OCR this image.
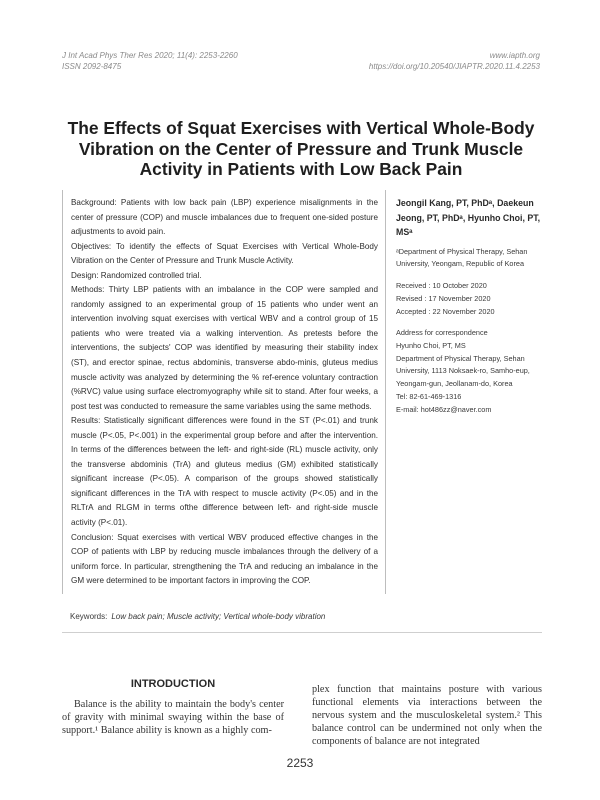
J Int Acad Phys Ther Res 2020; 11(4): 2253-2260
ISSN 2092-8475
www.iapth.org
https://doi.org/10.20540/JIAPTR.2020.11.4.2253
The Effects of Squat Exercises with Vertical Whole-Body
Vibration on the Center of Pressure and Trunk Muscle
Activity in Patients with Low Back Pain

Background: Patients with low back pain (LBP) experience misalignments in the center of pressure (COP) and muscle imbalances due to frequent one-sided posture adjustments to avoid pain.

Objectives: To identify the effects of Squat Exercises with Vertical Whole-Body Vibration on the Center of Pressure and Trunk Muscle Activity.

Design: Randomized controlled trial.

Methods: Thirty LBP patients with an imbalance in the COP were sampled and randomly assigned to an experimental group of 15 patients who under went an intervention involving squat exercises with vertical WBV and a control group of 15 patients who were treated via a walking intervention. As pretests before the interventions, the subjects' COP was identified by measuring their stability index (ST), and erector spinae, rectus abdominis, transverse abdo-minis, gluteus medius muscle activity was analyzed by determining the % ref-erence voluntary contraction (%RVC) value using surface electromyography while sit to stand. After four weeks, a post test was conducted to remeasure the same variables using the same methods.

Results: Statistically significant differences were found in the ST (P<.01) and trunk muscle (P<.05, P<.001) in the experimental group before and after the intervention. In terms of the differences between the left- and right-side (RL) muscle activity, only the transverse abdominis (TrA) and gluteus medius (GM) exhibited statistically significant increase (P<.05). A comparison of the groups showed statistically significant differences in the TrA with respect to muscle activity (P<.05) and in the RLTrA and RLGM in terms ofthe difference between left- and right-side muscle activity (P<.01).

Conclusion: Squat exercises with vertical WBV produced effective changes in the COP of patients with LBP by reducing muscle imbalances through the delivery of a uniform force. In particular, strengthening the TrA and reducing an imbalance in the GM were determined to be important factors in improving the COP.

Jeongil Kang, PT, PhDᵃ, Daekeun Jeong, PT, PhDᵃ, Hyunho Choi, PT, MSᵃ

ᵃDepartment of Physical Therapy, Sehan University, Yeongam, Republic of Korea

Received : 10 October 2020

Revised : 17 November 2020

Accepted : 22 November 2020

Address for correspondence

Hyunho Choi, PT, MS

Department of Physical Therapy, Sehan University, 1113 Noksaek-ro, Samho-eup, Yeongam-gun, Jeollanam-do, Korea

Tel: 82-61-469-1316

E-mail: hot486zz@naver.com

Keywords: Low back pain; Muscle activity; Vertical whole-body vibration
INTRODUCTION
Balance is the ability to maintain the body's center of gravity with minimal swaying within the base of support.¹ Balance ability is known as a highly com-
plex function that maintains posture with various functional elements via interactions between the nervous system and the musculoskeletal system.² This balance control can be undermined not only when the components of balance are not integrated
2253
